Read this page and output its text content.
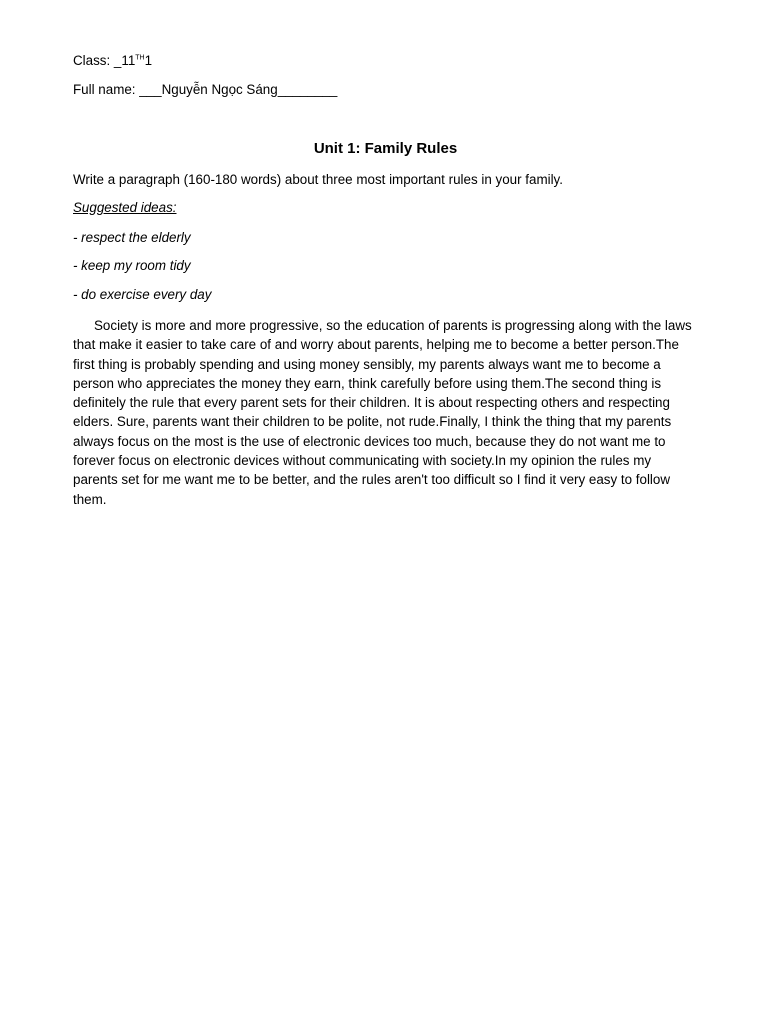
Class: _11TH1
Full name: ___Nguyễn Ngọc Sáng________
Unit 1: Family Rules
Write a paragraph (160-180 words) about three most important rules in your family.
Suggested ideas:
- respect the elderly
- keep my room tidy
- do exercise every day
Society is more and more progressive, so the education of parents is progressing along with the laws that make it easier to take care of and worry about parents, helping me to become a better person.The first thing is probably spending and using money sensibly, my parents always want me to become a person who appreciates the money they earn, think carefully before using them.The second thing is definitely the rule that every parent sets for their children. It is about respecting others and respecting elders. Sure, parents want their children to be polite, not rude.Finally, I think the thing that my parents always focus on the most is the use of electronic devices too much, because they do not want me to forever focus on electronic devices without communicating with society.In my opinion the rules my parents set for me want me to be better, and the rules aren't too difficult so I find it very easy to follow them.
